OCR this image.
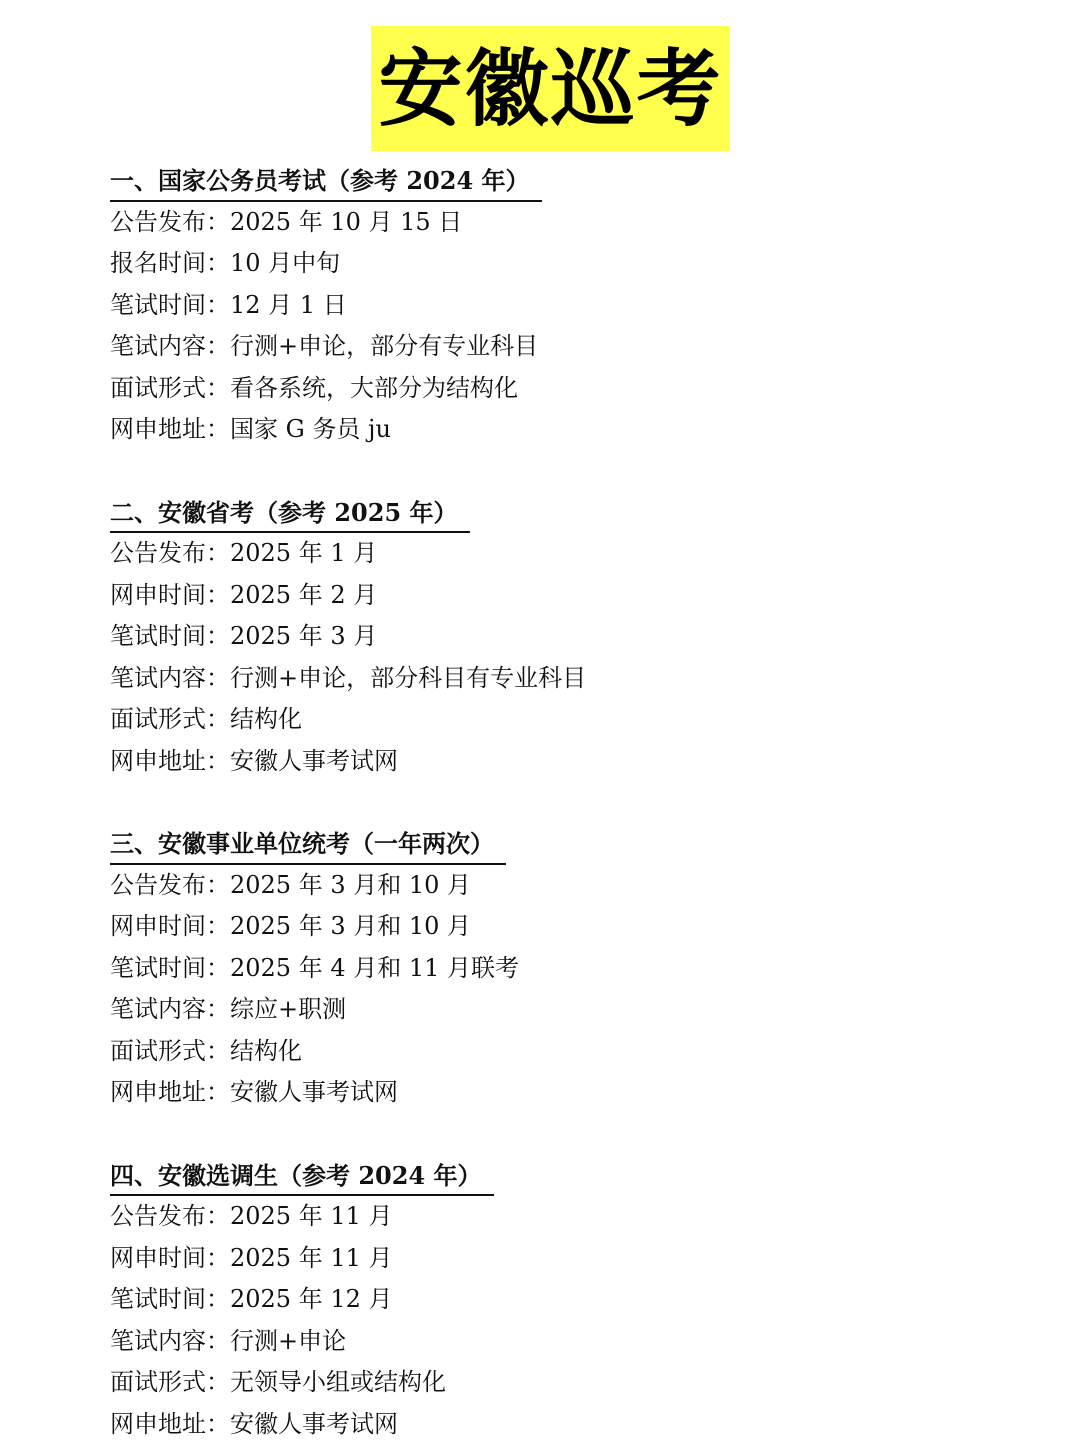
安徽巡考
一、国家公务员考试（参考 2024 年）
公告发布：2025 年 10 月 15 日
报名时间：10 月中旬
笔试时间：12 月 1 日
笔试内容：行测+申论，部分有专业科目
面试形式：看各系统，大部分为结构化
网申地址：国家 G 务员 ju
二、安徽省考（参考 2025 年）
公告发布：2025 年 1 月
网申时间：2025 年 2 月
笔试时间：2025 年 3 月
笔试内容：行测+申论，部分科目有专业科目
面试形式：结构化
网申地址：安徽人事考试网
三、安徽事业单位统考（一年两次）
公告发布：2025 年 3 月和 10 月
网申时间：2025 年 3 月和 10 月
笔试时间：2025 年 4 月和 11 月联考
笔试内容：综应+职测
面试形式：结构化
网申地址：安徽人事考试网
四、安徽选调生（参考 2024 年）
公告发布：2025 年 11 月
网申时间：2025 年 11 月
笔试时间：2025 年 12 月
笔试内容：行测+申论
面试形式：无领导小组或结构化
网申地址：安徽人事考试网
